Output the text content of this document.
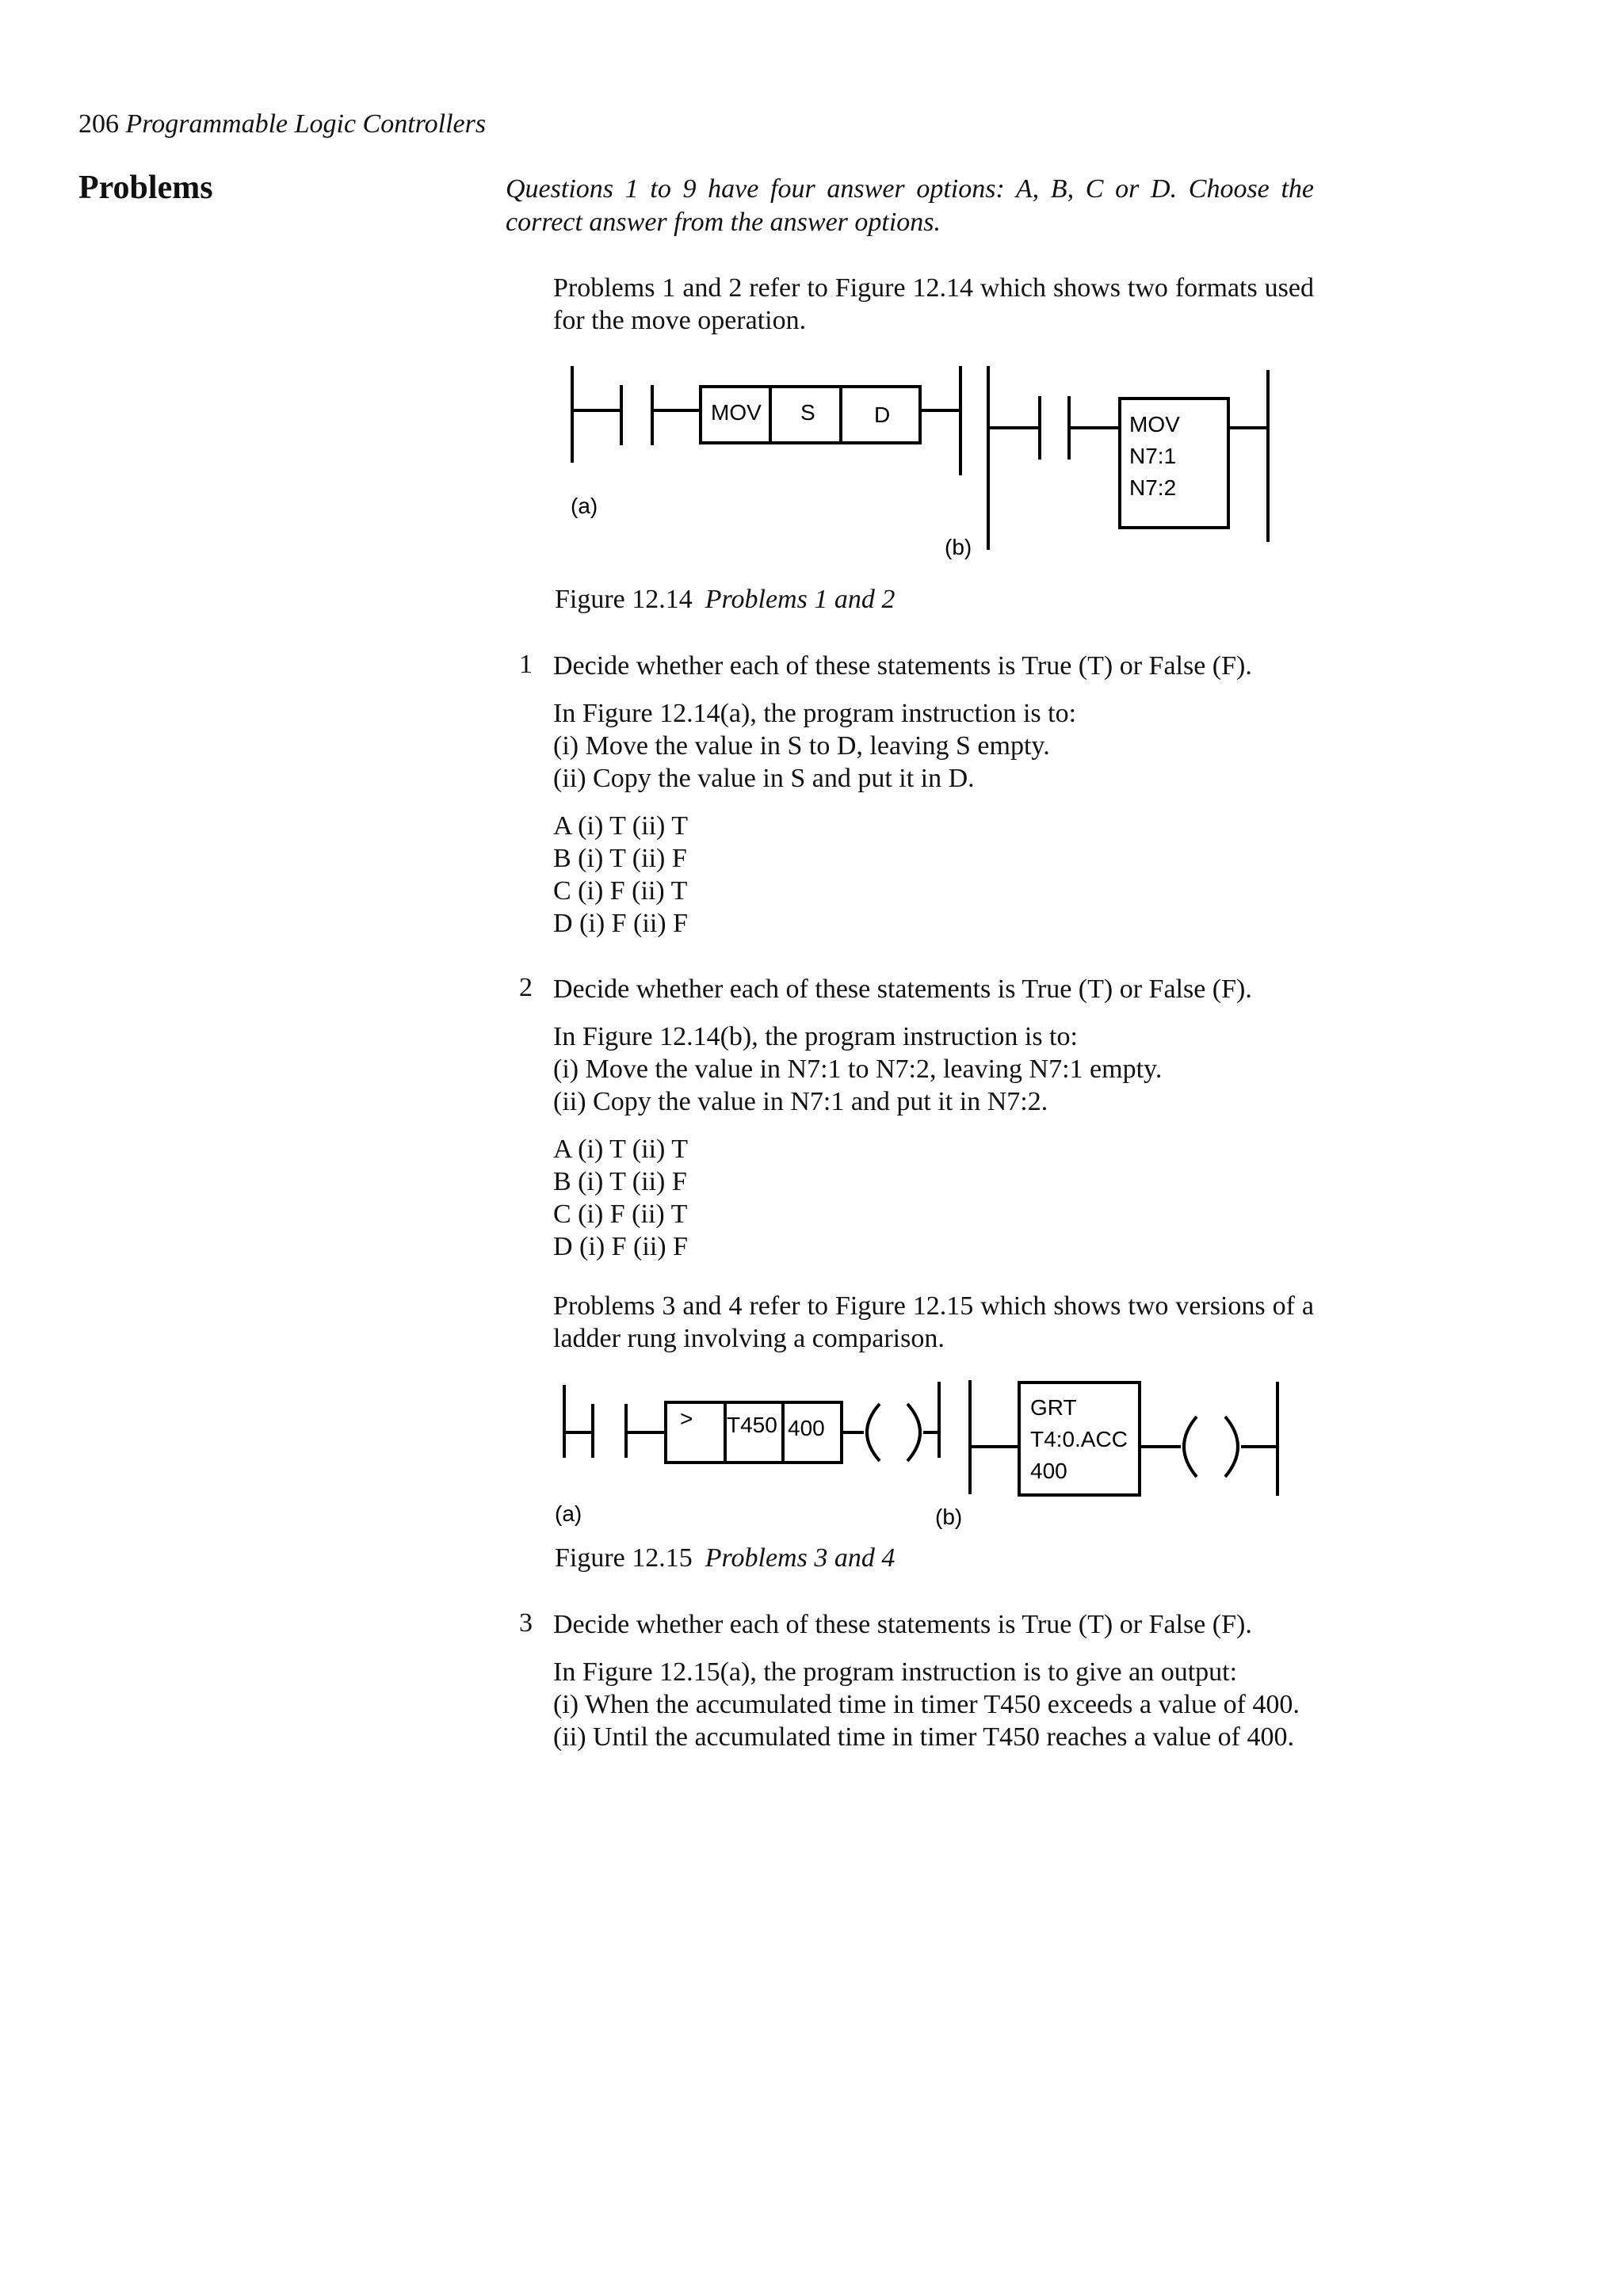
206 Programmable Logic Controllers
Problems	Questions 1 to 9 have four answer options: A, B, C or D. Choose the correct answer from the answer options.
Problems 1 and 2 refer to Figure 12.14 which shows two formats used for the move operation.
MOV S	D
(a)
MOV
N7:1
N7:2
(b)
Figure 12.14 Problems 1 and 2
1 Decide whether each of these statements is True (T) or False (F).
In Figure 12.14(a), the program instruction is to:
(i) Move the value in S to D, leaving S empty.
(ii) Copy the value in S and put it in D.
A (i) T (ii) T
B (i) T (ii) F
C (i) F (ii) T
D (i) F (ii) F
2 Decide whether each of these statements is True (T) or False (F).
In Figure 12.14(b), the program instruction is to:
(i) Move the value in N7:1 to N7:2, leaving N7:1 empty.
(ii) Copy the value in N7:1 and put it in N7:2.
A (i) T (ii) T
B (i) T (ii) F
C (i) F (ii) T
D (i) F (ii) F
Problems 3 and 4 refer to Figure 12.15 which shows two versions of a ladder rung involving a comparison.
> T450 400
(a)
GRT
T4:0.ACC
400
(b)
Figure 12.15 Problems 3 and 4
3 Decide whether each of these statements is True (T) or False (F).
In Figure 12.15(a), the program instruction is to give an output:
(i) When the accumulated time in timer T450 exceeds a value of 400.
(ii) Until the accumulated time in timer T450 reaches a value of 400.
